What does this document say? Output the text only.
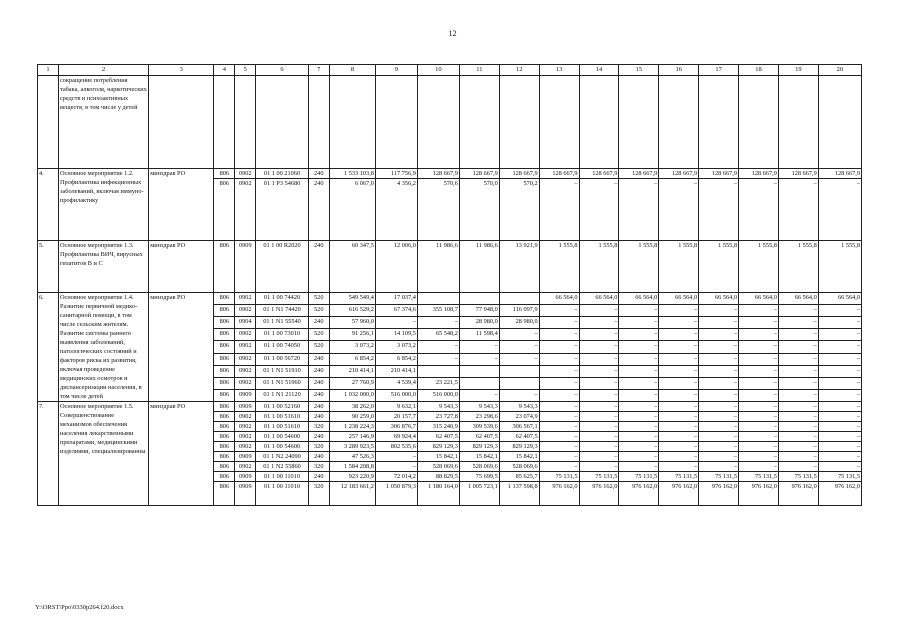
12
1	2	3	4	5	6	7	8	9	10	11	12	13	14	15	16	17	18	19	20
	сокращение потребления табака, алкоголя, наркотических средств и психоактивных веществ, в том числе у детей																		
4.	Основное мероприятие 1.2. Профилактика инфекционных заболеваний, включая иммуно-профилактику	минздрав РО	806	0902	01 1 00 21060	240	1 533 103,8	117 756,9	128 667,9	128 667,9	128 667,9	128 667,9	128 667,9	128 667,9	128 667,9	128 667,9	128 667,9	128 667,9	128 667,9
			806	0902	01 1 P3 54680	240	6 067,0	4 356,2	570,6	570,0	570,2	–	–	–	–	–	–	–	–
5.	Основное мероприятие 1.3. Профилактика ВИЧ, вирусных гепатитов В и С	минздрав РО	806	0909	01 1 00 R2020	240	60 347,5	12 006,0	11 986,6	11 986,6	13 921,9	1 555,8	1 555,8	1 555,8	1 555,8	1 555,8	1 555,8	1 555,8	1 555,8
6.	Основное мероприятие 1.4. Развитие первичной медико-санитарной помощи, в том числе сельским жителям. Развитие системы раннего выявления заболеваний, патологических состояний и факторов риска их развития, включая проведение медицинских осмотров и диспансеризации населения, в том числе детей	минздрав РО	806	0902	01 1 00 74420	520	549 549,4	17 037,4				66 564,0	66 564,0	66 564,0	66 564,0	66 564,0	66 564,0	66 564,0	66 564,0
			806	0902	01 1 N1 74420	520	616 529,2	67 374,6	355 108,7	77 948,0	116 097,9	–	–	–	–	–	–	–	–
			806	0904	01 1 N1 55540	240	57 960,0	–	–	28 980,0	28 980,0	–	–	–	–	–	–	–	–
			806	0902	01 1 00 73010	520	91 256,1	14 109,5	65 548,2	11 598,4	–	–	–	–	–	–	–	–	–
			806	0902	01 1 00 74050	520	3 073,2	3 073,2	–	–	–	–	–	–	–	–	–	–	–
			806	0902	01 1 00 56720	240	6 854,2	6 854,2	–	–	–	–	–	–	–	–	–	–	–
			806	0902	01 1 N1 51910	240	210 414,1	210 414,1				–	–	–	–	–	–	–	–
			806	0902	01 1 N1 51960	240	27 760,9	4 539,4	23 221,5			–	–	–	–	–	–	–	–
			806	0909	01 1 N1 21120	240	1 032 000,0	516 000,0	516 000,0	–	–	–	–	–	–	–	–	–	–
7.	Основное мероприятие 1.5. Совершенствование механизмов обеспечения населения лекарственными препаратами, медицинскими изделиями, специализированны	минздрав РО	806	0909	01 1 00 52160	240	38 262,0	9 632,1	9 543,3	9 543,3	9 543,3	–	–	–	–	–	–	–	–
			806	0902	01 1 00 51610	240	90 259,0	20 157,7	23 727,8	23 298,6	23 074,9	–	–	–	–	–	–	–	–
			806	0902	01 1 00 51610	320	1 238 224,3	306 876,7	315 240,9	309 539,6	306 567,1	–	–	–	–	–	–	–	–
			806	0902	01 1 00 54600	240	257 146,9	69 924,4	62 407,5	62 407,5	62 407,5	–	–	–	–	–	–	–	–
			806	0902	01 1 00 54600	320	3 289 923,5	802 535,6	829 129,3	829 129,3	829 129,3	–	–	–	–	–	–	–	–
			806	0909	01 1 N2 24090	240	47 526,3	–	15 842,1	15 842,1	15 842,1	–	–	–	–	–	–	–	–
			806	0902	01 1 N2 55860	320	1 584 208,8	–	528 069,6	528 069,6	528 069,6	–	–	–	–	–	–	–	–
			806	0909	01 1 00 11010	240	923 220,9	72 014,2	88 829,5	75 699,5	85 625,7	75 131,5	75 131,5	75 131,5	75 131,5	75 131,5	75 131,5	75 131,5	75 131,5
			806	0909	01 1 00 11010	320	12 183 661,2	1 050 879,3	1 180 164,0	1 005 723,1	1 137 598,8	976 162,0	976 162,0	976 162,0	976 162,0	976 162,0	976 162,0	976 162,0	976 162,0
Y:\ORST\Ppo\0330p264.f20.docx
